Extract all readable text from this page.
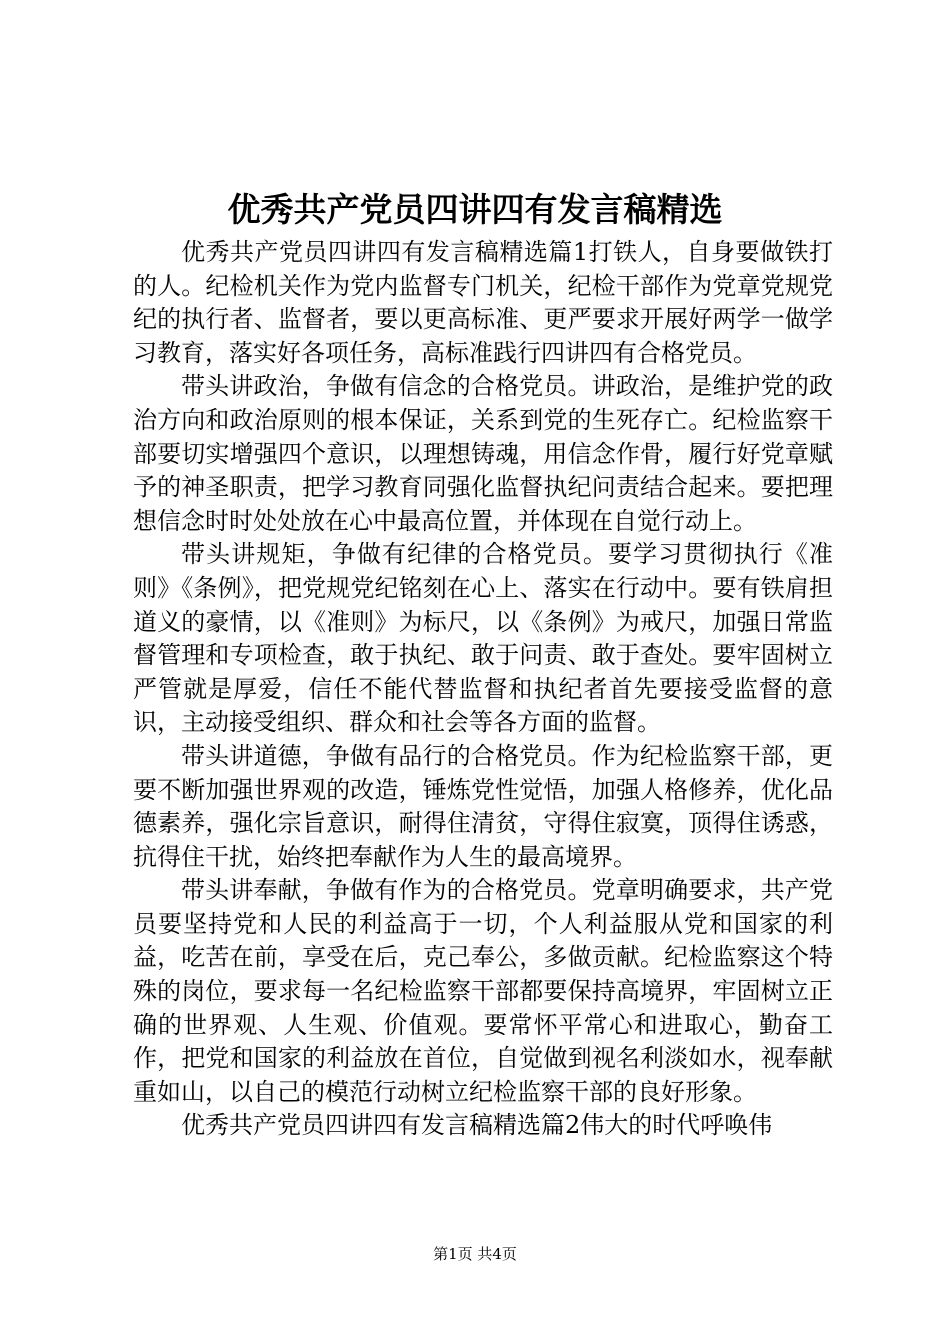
优秀共产党员四讲四有发言稿精选

优秀共产党员四讲四有发言稿精选篇1打铁人，自身要做铁打的人。纪检机关作为党内监督专门机关，纪检干部作为党章党规党纪的执行者、监督者，要以更高标准、更严要求开展好两学一做学习教育，落实好各项任务，高标准践行四讲四有合格党员。

带头讲政治，争做有信念的合格党员。讲政治，是维护党的政治方向和政治原则的根本保证，关系到党的生死存亡。纪检监察干部要切实增强四个意识，以理想铸魂，用信念作骨，履行好党章赋予的神圣职责，把学习教育同强化监督执纪问责结合起来。要把理想信念时时处处放在心中最高位置，并体现在自觉行动上。

带头讲规矩，争做有纪律的合格党员。要学习贯彻执行《准则》《条例》，把党规党纪铭刻在心上、落实在行动中。要有铁肩担道义的豪情，以《准则》为标尺，以《条例》为戒尺，加强日常监督管理和专项检查，敢于执纪、敢于问责、敢于查处。要牢固树立严管就是厚爱，信任不能代替监督和执纪者首先要接受监督的意识，主动接受组织、群众和社会等各方面的监督。

带头讲道德，争做有品行的合格党员。作为纪检监察干部，更要不断加强世界观的改造，锤炼党性觉悟，加强人格修养，优化品德素养，强化宗旨意识，耐得住清贫，守得住寂寞，顶得住诱惑，抗得住干扰，始终把奉献作为人生的最高境界。

带头讲奉献，争做有作为的合格党员。党章明确要求，共产党员要坚持党和人民的利益高于一切，个人利益服从党和国家的利益，吃苦在前，享受在后，克己奉公，多做贡献。纪检监察这个特殊的岗位，要求每一名纪检监察干部都要保持高境界，牢固树立正确的世界观、人生观、价值观。要常怀平常心和进取心，勤奋工作，把党和国家的利益放在首位，自觉做到视名利淡如水，视奉献重如山，以自己的模范行动树立纪检监察干部的良好形象。

优秀共产党员四讲四有发言稿精选篇2伟大的时代呼唤伟

第1页 共4页
